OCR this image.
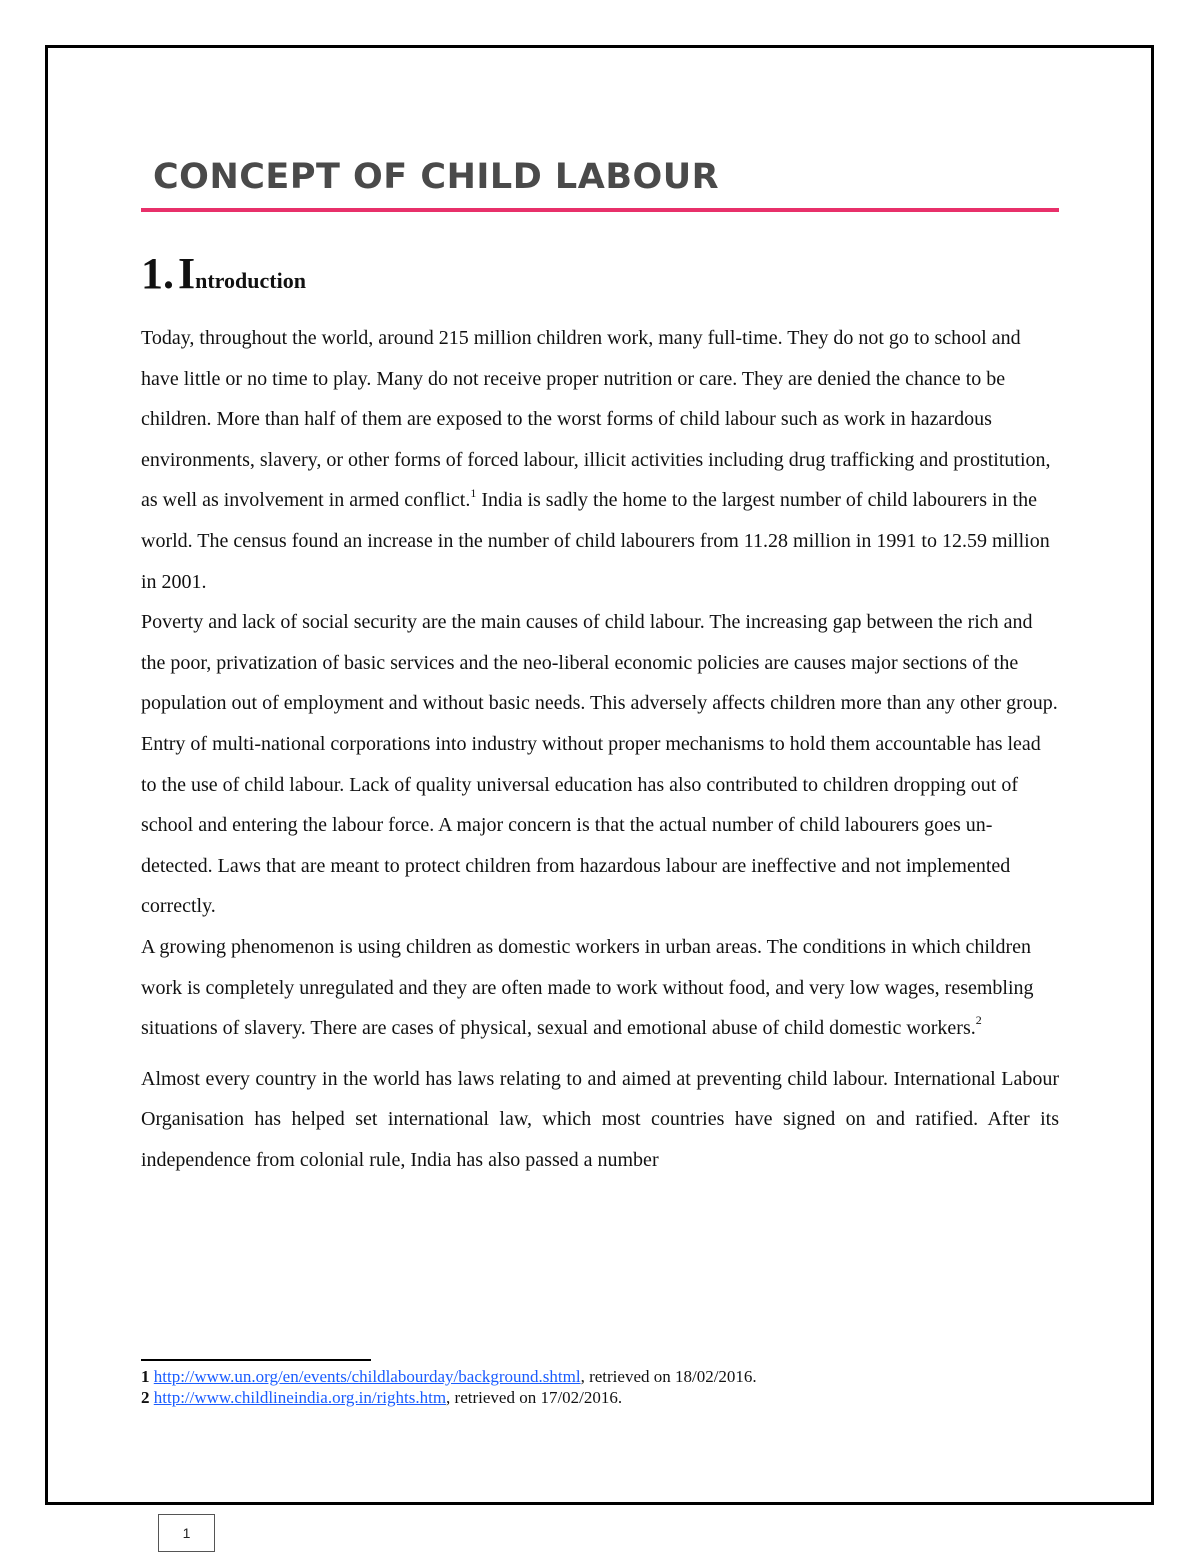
CONCEPT OF CHILD LABOUR
1. Introduction

Today, throughout the world, around 215 million children work, many full-time. They do not go to school and have little or no time to play. Many do not receive proper nutrition or care. They are denied the chance to be children. More than half of them are exposed to the worst forms of child labour such as work in hazardous environments, slavery, or other forms of forced labour, illicit activities including drug trafficking and prostitution, as well as involvement in armed conflict.$^1$ India is sadly the home to the largest number of child labourers in the world. The census found an increase in the number of child labourers from 11.28 million in 1991 to 12.59 million in 2001.

Poverty and lack of social security are the main causes of child labour. The increasing gap between the rich and the poor, privatization of basic services and the neo-liberal economic policies are causes major sections of the population out of employment and without basic needs. This adversely affects children more than any other group. Entry of multi-national corporations into industry without proper mechanisms to hold them accountable has lead to the use of child labour. Lack of quality universal education has also contributed to children dropping out of school and entering the labour force. A major concern is that the actual number of child labourers goes un-detected. Laws that are meant to protect children from hazardous labour are ineffective and not implemented correctly.

A growing phenomenon is using children as domestic workers in urban areas. The conditions in which children work is completely unregulated and they are often made to work without food, and very low wages, resembling situations of slavery. There are cases of physical, sexual and emotional abuse of child domestic workers.$^2$

Almost every country in the world has laws relating to and aimed at preventing child labour. International Labour Organisation has helped set international law, which most countries have signed on and ratified. After its independence from colonial rule, India has also passed a number

1 http://www.un.org/en/events/childlabourday/background.shtml, retrieved on 18/02/2016.
2 http://www.childlineindia.org.in/rights.htm, retrieved on 17/02/2016.
1
